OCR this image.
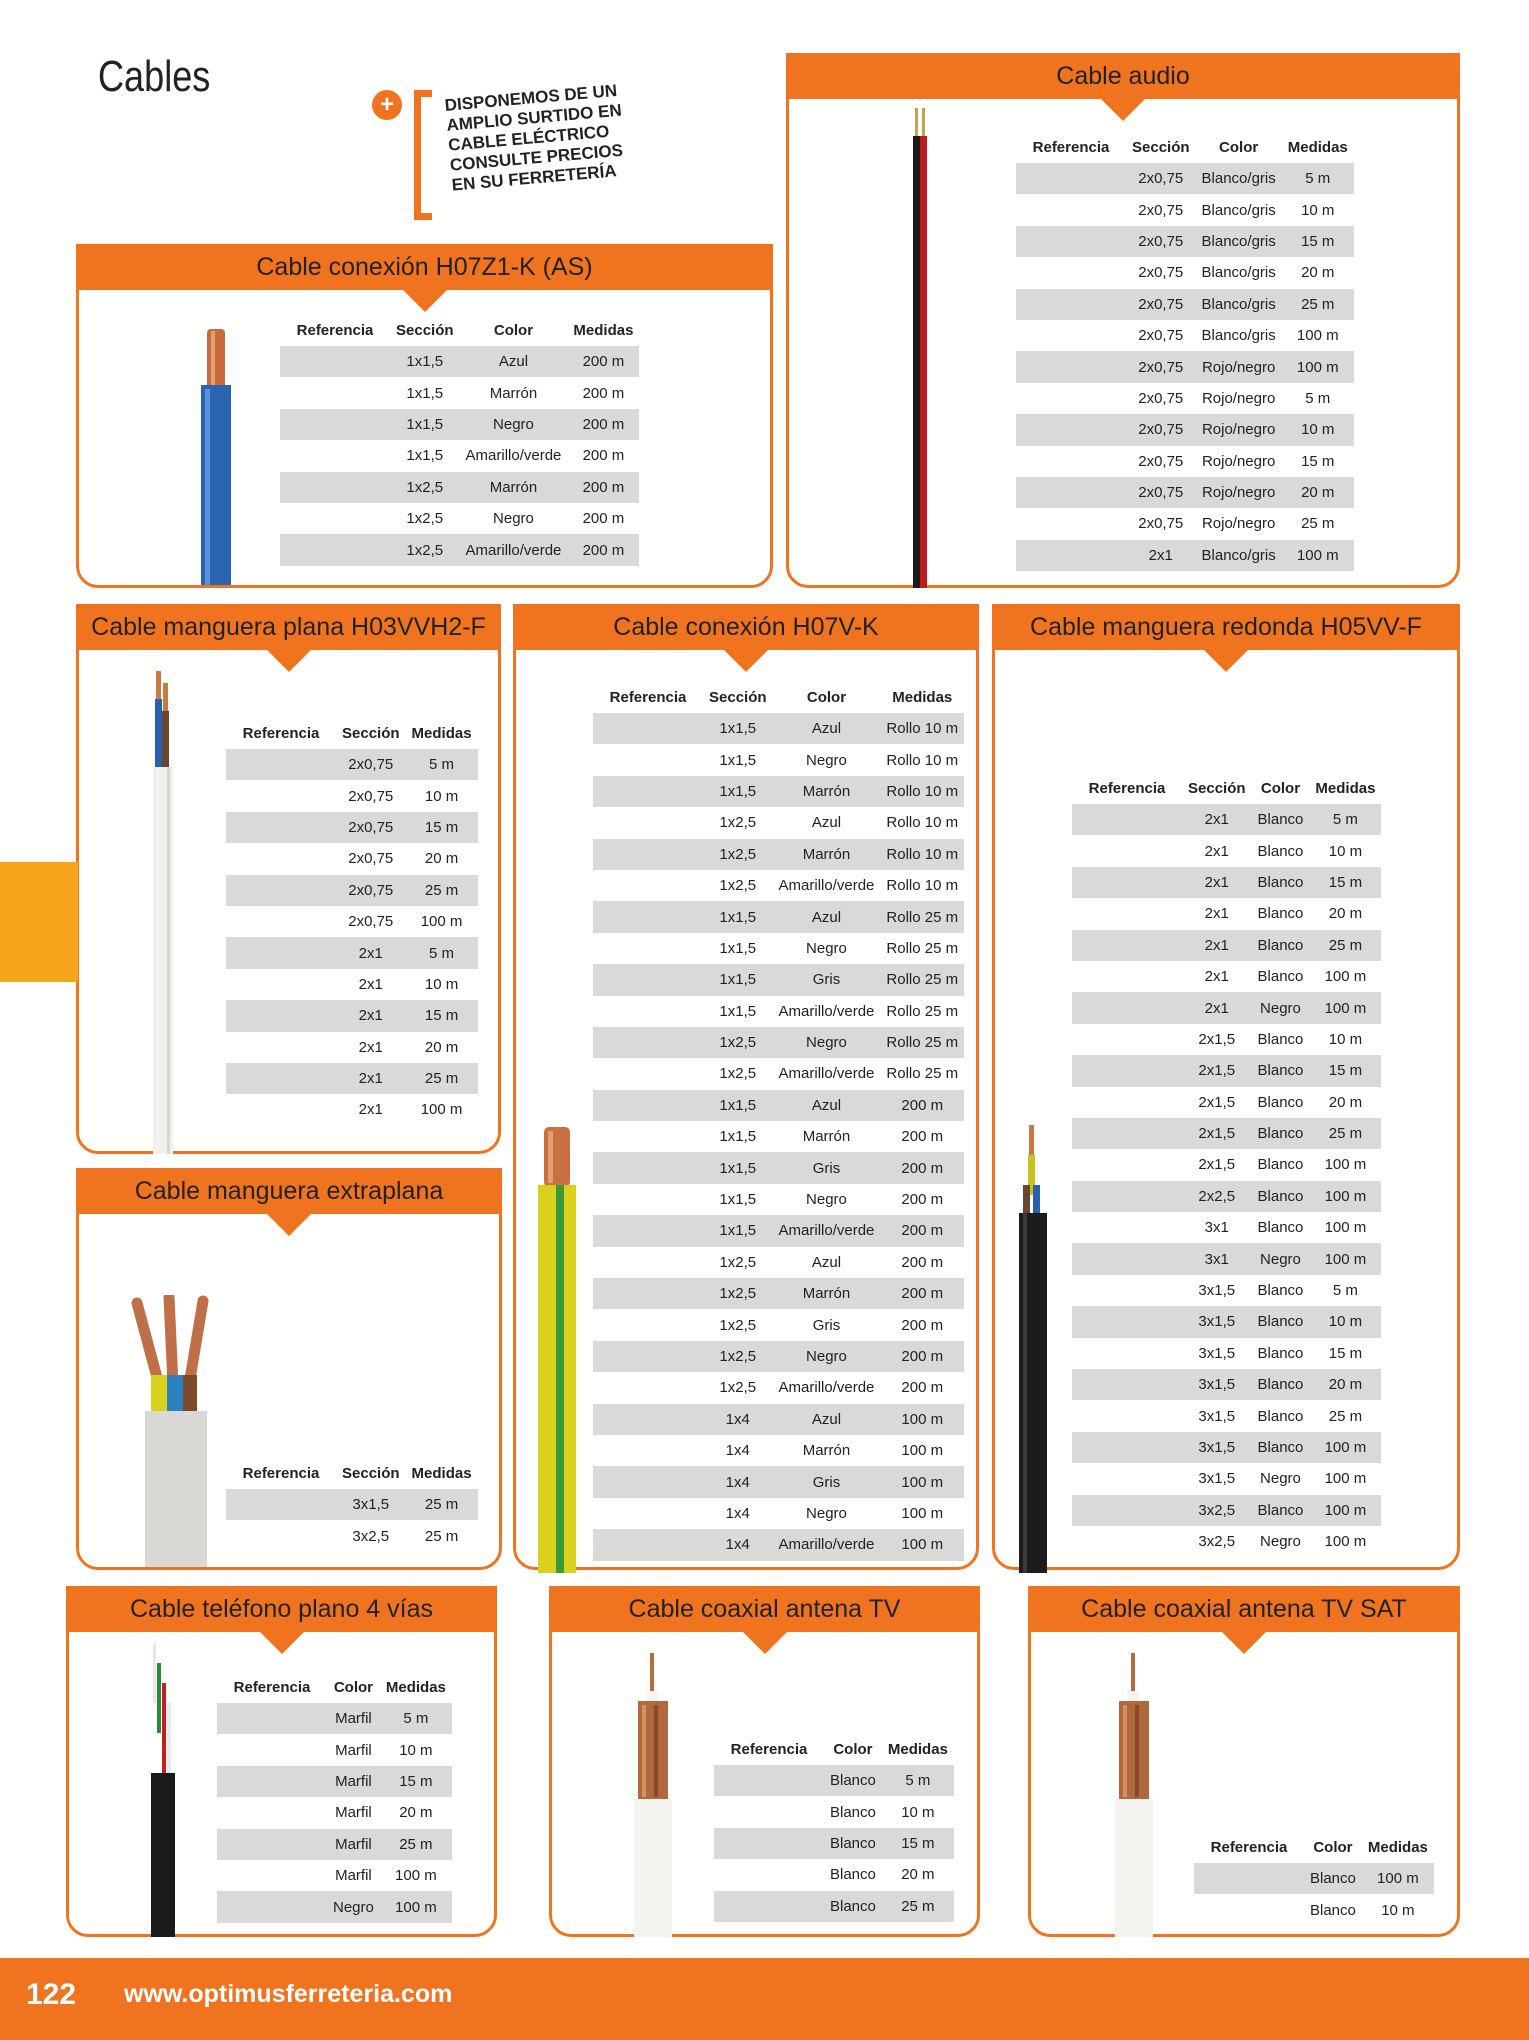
Cables
+	DISPONEMOS DE UN AMPLIO SURTIDO EN CABLE ELÉCTRICO CONSULTE PRECIOS EN SU FERRETERÍA
Cable conexión H07Z1-K (AS)
Referencia	Sección	Color	Medidas
	1x1,5	Azul	200 m
	1x1,5	Marrón	200 m
	1x1,5	Negro	200 m
	1x1,5	Amarillo/verde	200 m
	1x2,5	Marrón	200 m
	1x2,5	Negro	200 m
	1x2,5	Amarillo/verde	200 m
Cable audio
Referencia	Sección	Color	Medidas
	2x0,75	Blanco/gris	5 m
	2x0,75	Blanco/gris	10 m
	2x0,75	Blanco/gris	15 m
	2x0,75	Blanco/gris	20 m
	2x0,75	Blanco/gris	25 m
	2x0,75	Blanco/gris	100 m
	2x0,75	Rojo/negro	100 m
	2x0,75	Rojo/negro	5 m
	2x0,75	Rojo/negro	10 m
	2x0,75	Rojo/negro	15 m
	2x0,75	Rojo/negro	20 m
	2x0,75	Rojo/negro	25 m
	2x1	Blanco/gris	100 m
Cable manguera plana H03VVH2-F
Referencia	Sección	Medidas
	2x0,75	5 m
	2x0,75	10 m
	2x0,75	15 m
	2x0,75	20 m
	2x0,75	25 m
	2x0,75	100 m
	2x1	5 m
	2x1	10 m
	2x1	15 m
	2x1	20 m
	2x1	25 m
	2x1	100 m
Cable conexión H07V-K
Referencia	Sección	Color	Medidas
	1x1,5	Azul	Rollo 10 m
	1x1,5	Negro	Rollo 10 m
	1x1,5	Marrón	Rollo 10 m
	1x2,5	Azul	Rollo 10 m
	1x2,5	Marrón	Rollo 10 m
	1x2,5	Amarillo/verde	Rollo 10 m
	1x1,5	Azul	Rollo 25 m
	1x1,5	Negro	Rollo 25 m
	1x1,5	Gris	Rollo 25 m
	1x1,5	Amarillo/verde	Rollo 25 m
	1x2,5	Negro	Rollo 25 m
	1x2,5	Amarillo/verde	Rollo 25 m
	1x1,5	Azul	200 m
	1x1,5	Marrón	200 m
	1x1,5	Gris	200 m
	1x1,5	Negro	200 m
	1x1,5	Amarillo/verde	200 m
	1x2,5	Azul	200 m
	1x2,5	Marrón	200 m
	1x2,5	Gris	200 m
	1x2,5	Negro	200 m
	1x2,5	Amarillo/verde	200 m
	1x4	Azul	100 m
	1x4	Marrón	100 m
	1x4	Gris	100 m
	1x4	Negro	100 m
	1x4	Amarillo/verde	100 m
Cable manguera redonda H05VV-F
Referencia	Sección	Color	Medidas
	2x1	Blanco	5 m
	2x1	Blanco	10 m
	2x1	Blanco	15 m
	2x1	Blanco	20 m
	2x1	Blanco	25 m
	2x1	Blanco	100 m
	2x1	Negro	100 m
	2x1,5	Blanco	10 m
	2x1,5	Blanco	15 m
	2x1,5	Blanco	20 m
	2x1,5	Blanco	25 m
	2x1,5	Blanco	100 m
	2x2,5	Blanco	100 m
	3x1	Blanco	100 m
	3x1	Negro	100 m
	3x1,5	Blanco	5 m
	3x1,5	Blanco	10 m
	3x1,5	Blanco	15 m
	3x1,5	Blanco	20 m
	3x1,5	Blanco	25 m
	3x1,5	Blanco	100 m
	3x1,5	Negro	100 m
	3x2,5	Blanco	100 m
	3x2,5	Negro	100 m
Cable manguera extraplana
Referencia	Sección	Medidas
	3x1,5	25 m
	3x2,5	25 m
Cable teléfono plano 4 vías
Referencia	Color	Medidas
	Marfil	5 m
	Marfil	10 m
	Marfil	15 m
	Marfil	20 m
	Marfil	25 m
	Marfil	100 m
	Negro	100 m
Cable coaxial antena TV
Referencia	Color	Medidas
	Blanco	5 m
	Blanco	10 m
	Blanco	15 m
	Blanco	20 m
	Blanco	25 m
Cable coaxial antena TV SAT
Referencia	Color	Medidas
	Blanco	100 m
	Blanco	10 m
122 www.optimusferreteria.com
